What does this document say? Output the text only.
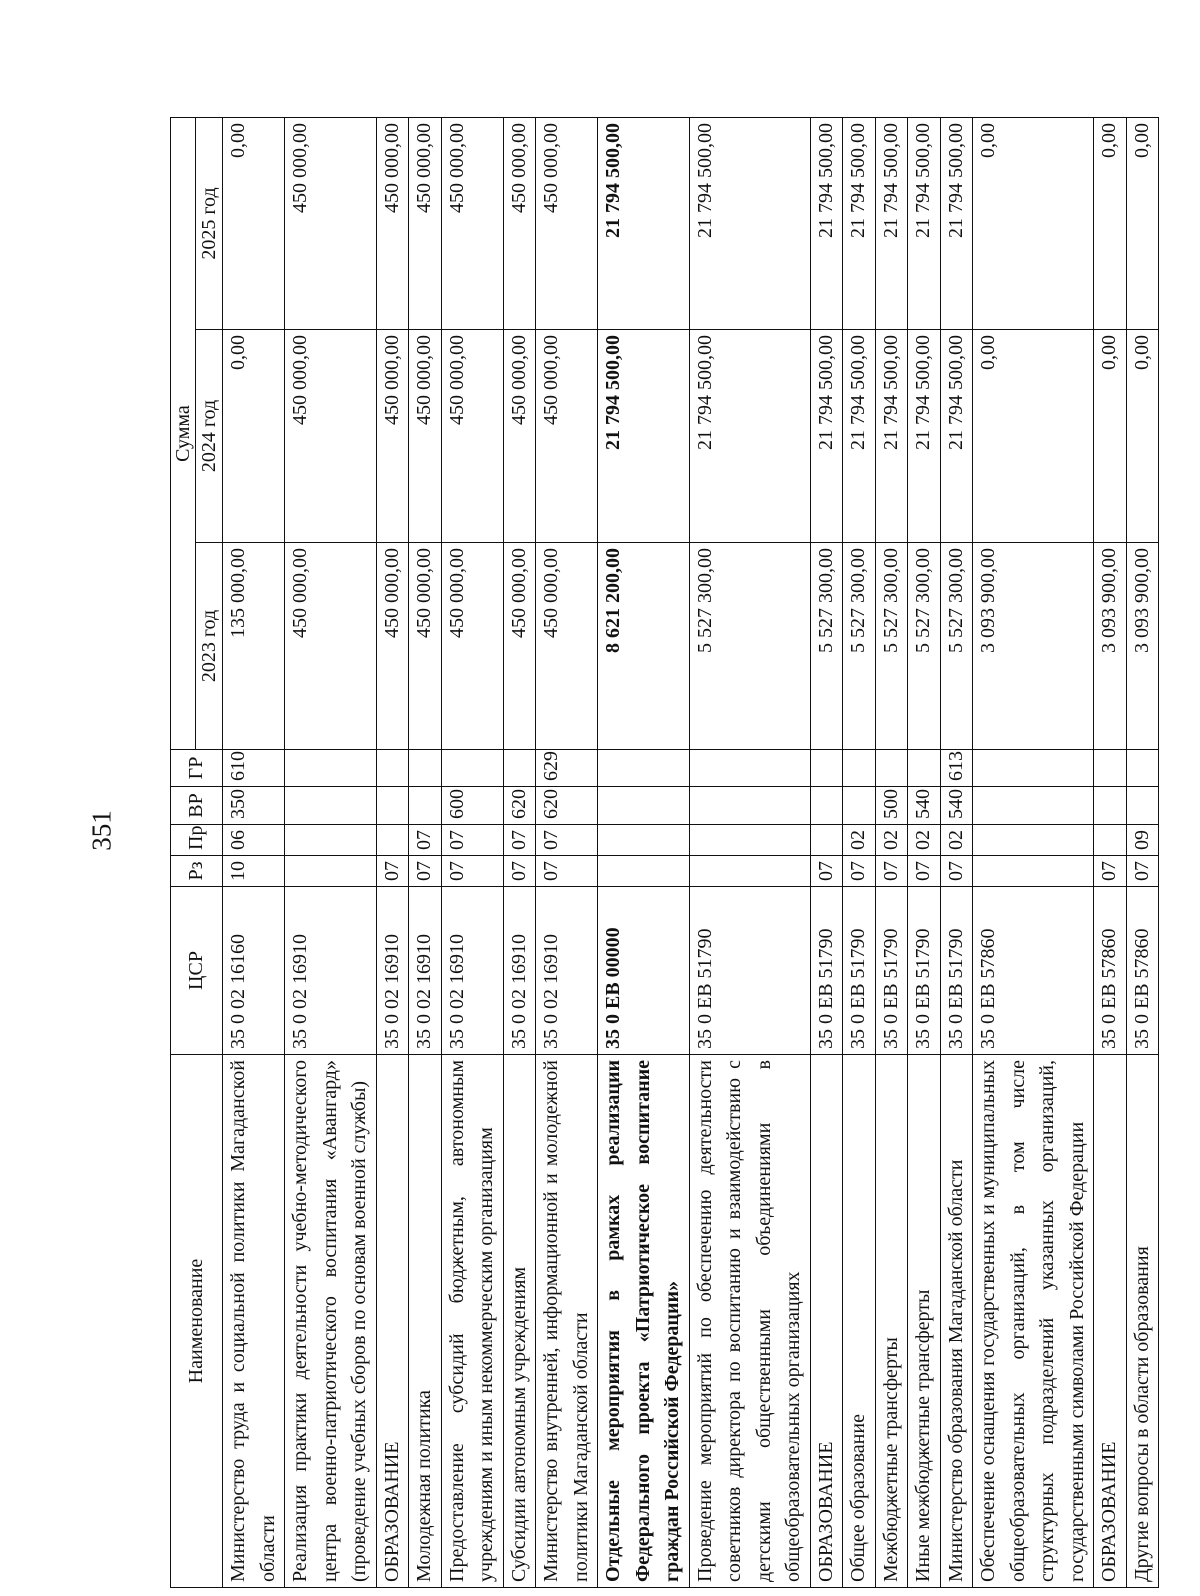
351
Наименование	ЦСР	Рз	Пр	ВР	ГР	Сумма		
						2023 год	2024 год	2025 год
Министерство труда и социальной политики Магаданской области	35 0 02 16160	10	06	350	610	135 000,00	0,00	0,00
Реализация практики деятельности учебно-методического центра военно-патриотического воспитания «Авангард» (проведение учебных сборов по основам военной службы)	35 0 02 16910					450 000,00	450 000,00	450 000,00
ОБРАЗОВАНИЕ	35 0 02 16910	07				450 000,00	450 000,00	450 000,00
Молодежная политика	35 0 02 16910	07	07			450 000,00	450 000,00	450 000,00
Предоставление субсидий бюджетным, автономным учреждениям и иным некоммерческим организациям	35 0 02 16910	07	07	600		450 000,00	450 000,00	450 000,00
Субсидии автономным учреждениям	35 0 02 16910	07	07	620		450 000,00	450 000,00	450 000,00
Министерство внутренней, информационной и молодежной политики Магаданской области	35 0 02 16910	07	07	620	629	450 000,00	450 000,00	450 000,00
Отдельные мероприятия в рамках реализации Федерального проекта «Патриотическое воспитание граждан Российской Федерации»	35 0 EВ 00000					8 621 200,00	21 794 500,00	21 794 500,00
Проведение мероприятий по обеспечению деятельности советников директора по воспитанию и взаимодействию с детскими общественными объединениями в общеобразовательных организациях	35 0 EВ 51790					5 527 300,00	21 794 500,00	21 794 500,00
ОБРАЗОВАНИЕ	35 0 EВ 51790	07				5 527 300,00	21 794 500,00	21 794 500,00
Общее образование	35 0 EВ 51790	07	02			5 527 300,00	21 794 500,00	21 794 500,00
Межбюджетные трансферты	35 0 EВ 51790	07	02	500		5 527 300,00	21 794 500,00	21 794 500,00
Иные межбюджетные трансферты	35 0 EВ 51790	07	02	540		5 527 300,00	21 794 500,00	21 794 500,00
Министерство образования Магаданской области	35 0 EВ 51790	07	02	540	613	5 527 300,00	21 794 500,00	21 794 500,00
Обеспечение оснащения государственных и муниципальных общеобразовательных организаций, в том числе структурных подразделений указанных организаций, государственными символами Российской Федерации	35 0 EВ 57860					3 093 900,00	0,00	0,00
ОБРАЗОВАНИЕ	35 0 EВ 57860	07				3 093 900,00	0,00	0,00
Другие вопросы в области образования	35 0 EВ 57860	07	09			3 093 900,00	0,00	0,00
